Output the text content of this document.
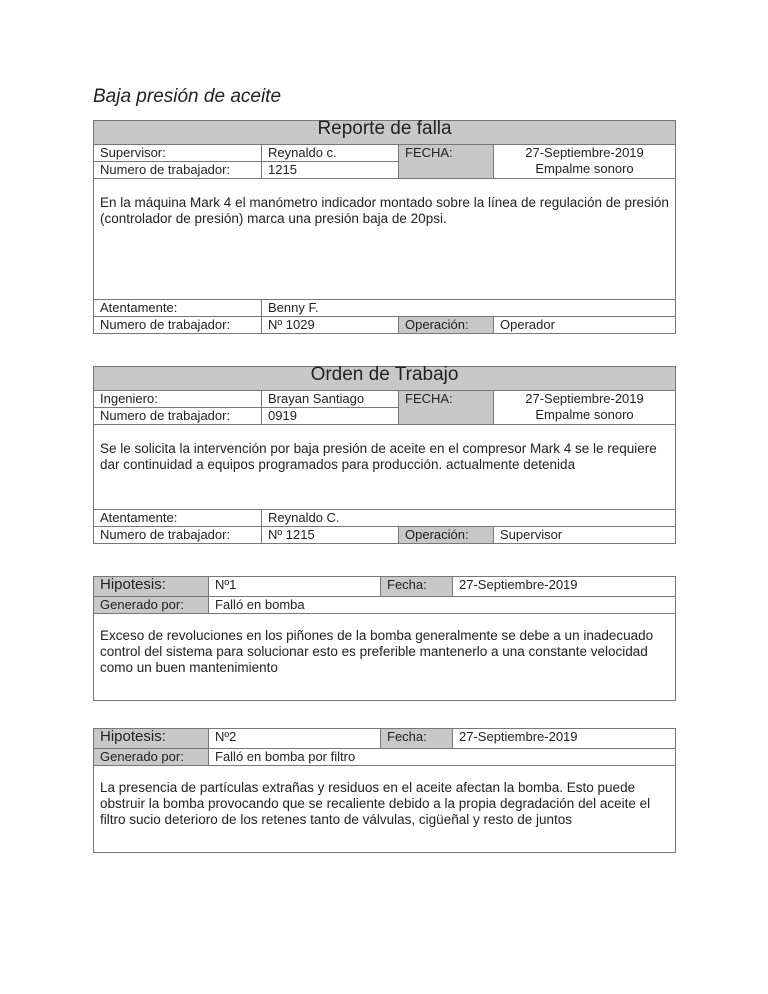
Baja presión de aceite
Reporte de falla			
Supervisor:	Reynaldo c.	FECHA:	27-Septiembre-2019
Empalme sonoro

Numero de trabajador:	1215		
En la máquina Mark 4 el manómetro indicador montado sobre la línea de regulación de presión (controlador de presión) marca una presión baja de 20psi.			
Atentamente:	Benny F.		
Numero de trabajador:	Nº 1029	Operación:	Operador
Orden de Trabajo			
Ingeniero:	Brayan Santiago	FECHA:	27-Septiembre-2019
Empalme sonoro

Numero de trabajador:	0919		
Se le solicita la intervención por baja presión de aceite en el compresor Mark 4 se le requiere dar continuidad a equipos programados para producción. actualmente detenida			
Atentamente:	Reynaldo C.		
Numero de trabajador:	Nº 1215	Operación:	Supervisor
Hipotesis:	Nº1	Fecha:	27-Septiembre-2019
Generado por:	Falló en bomba		
Exceso de revoluciones en los piñones de la bomba generalmente se debe a un inadecuado control del sistema para solucionar esto es preferible mantenerlo a una constante velocidad como un buen mantenimiento			
Hipotesis:	Nº2	Fecha:	27-Septiembre-2019
Generado por:	Falló en bomba por filtro		
La presencia de partículas extrañas y residuos en el aceite afectan la bomba. Esto puede obstruir la bomba provocando que se recaliente debido a la propia degradación del aceite el filtro sucio deterioro de los retenes tanto de válvulas, cigüeñal y resto de juntos			
